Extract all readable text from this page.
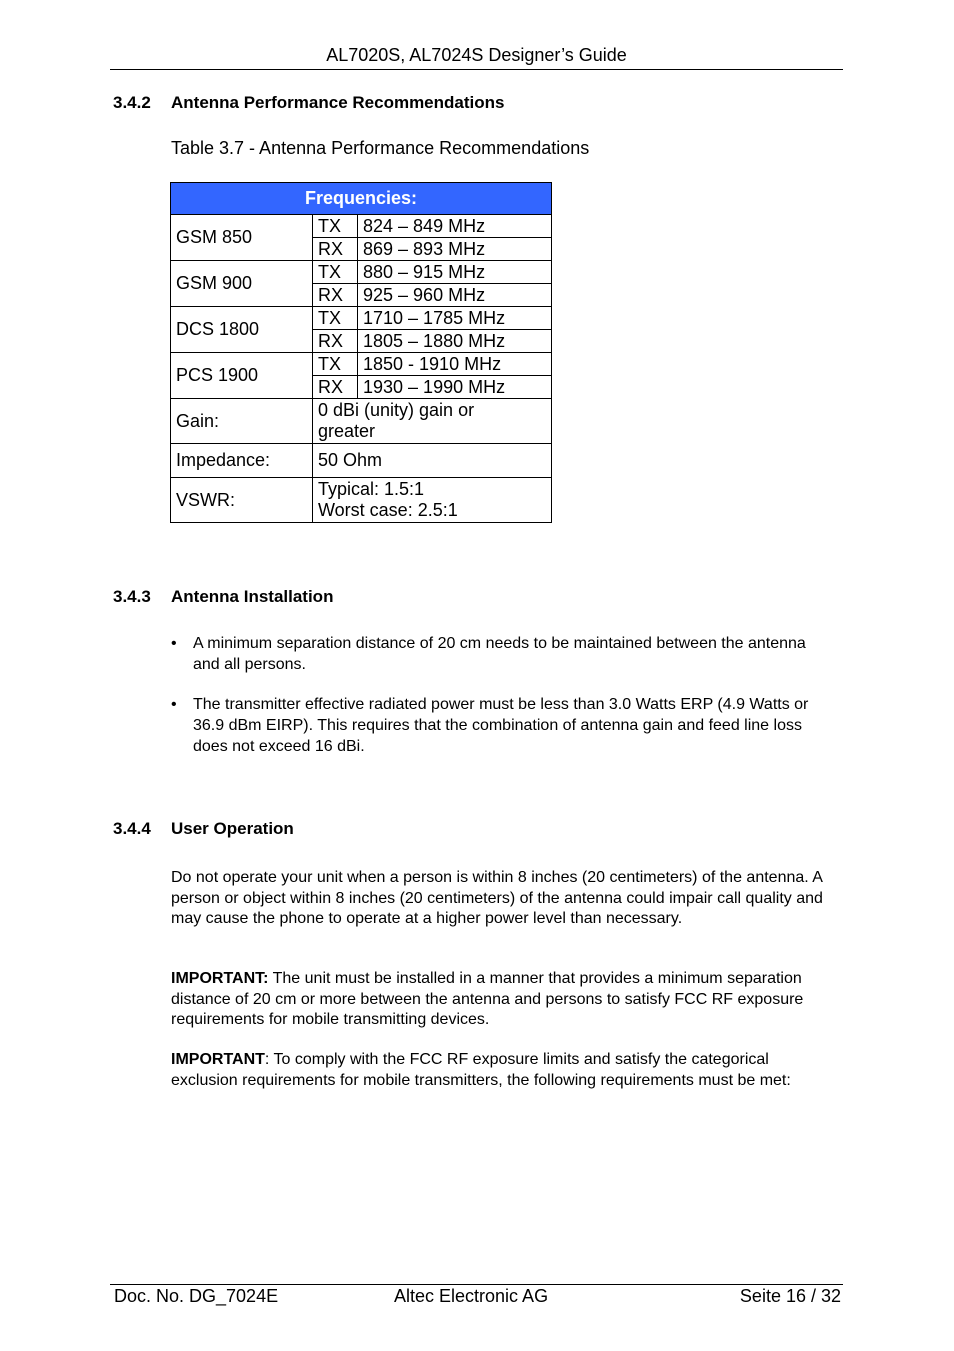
AL7020S, AL7024S Designer’s Guide
3.4.2 Antenna Performance Recommendations
Table 3.7 - Antenna Performance Recommendations
Frequencies:		
GSM 850	TX	824 – 849 MHz
	RX	869 – 893 MHz
GSM 900	TX	880 – 915 MHz
	RX	925 – 960 MHz
DCS 1800	TX	1710 – 1785 MHz
	RX	1805 – 1880 MHz
PCS 1900	TX	1850 - 1910 MHz
	RX	1930 – 1990 MHz
Gain:	0 dBi (unity) gain or
greater	

Impedance:	50 Ohm	
VSWR:	Typical: 1.5:1
Worst case: 2.5:1	
3.4.3 Antenna Installation
• A minimum separation distance of 20 cm needs to be maintained between the antenna and all persons.
• The transmitter effective radiated power must be less than 3.0 Watts ERP (4.9 Watts or 36.9 dBm EIRP). This requires that the combination of antenna gain and feed line loss does not exceed 16 dBi.
3.4.4 User Operation
Do not operate your unit when a person is within 8 inches (20 centimeters) of the antenna. A person or object within 8 inches (20 centimeters) of the antenna could impair call quality and may cause the phone to operate at a higher power level than necessary.
IMPORTANT: The unit must be installed in a manner that provides a minimum separation distance of 20 cm or more between the antenna and persons to satisfy FCC RF exposure requirements for mobile transmitting devices.
IMPORTANT: To comply with the FCC RF exposure limits and satisfy the categorical exclusion requirements for mobile transmitters, the following requirements must be met:
Doc. No. DG_7024E	Altec Electronic AG	Seite 16 / 32
